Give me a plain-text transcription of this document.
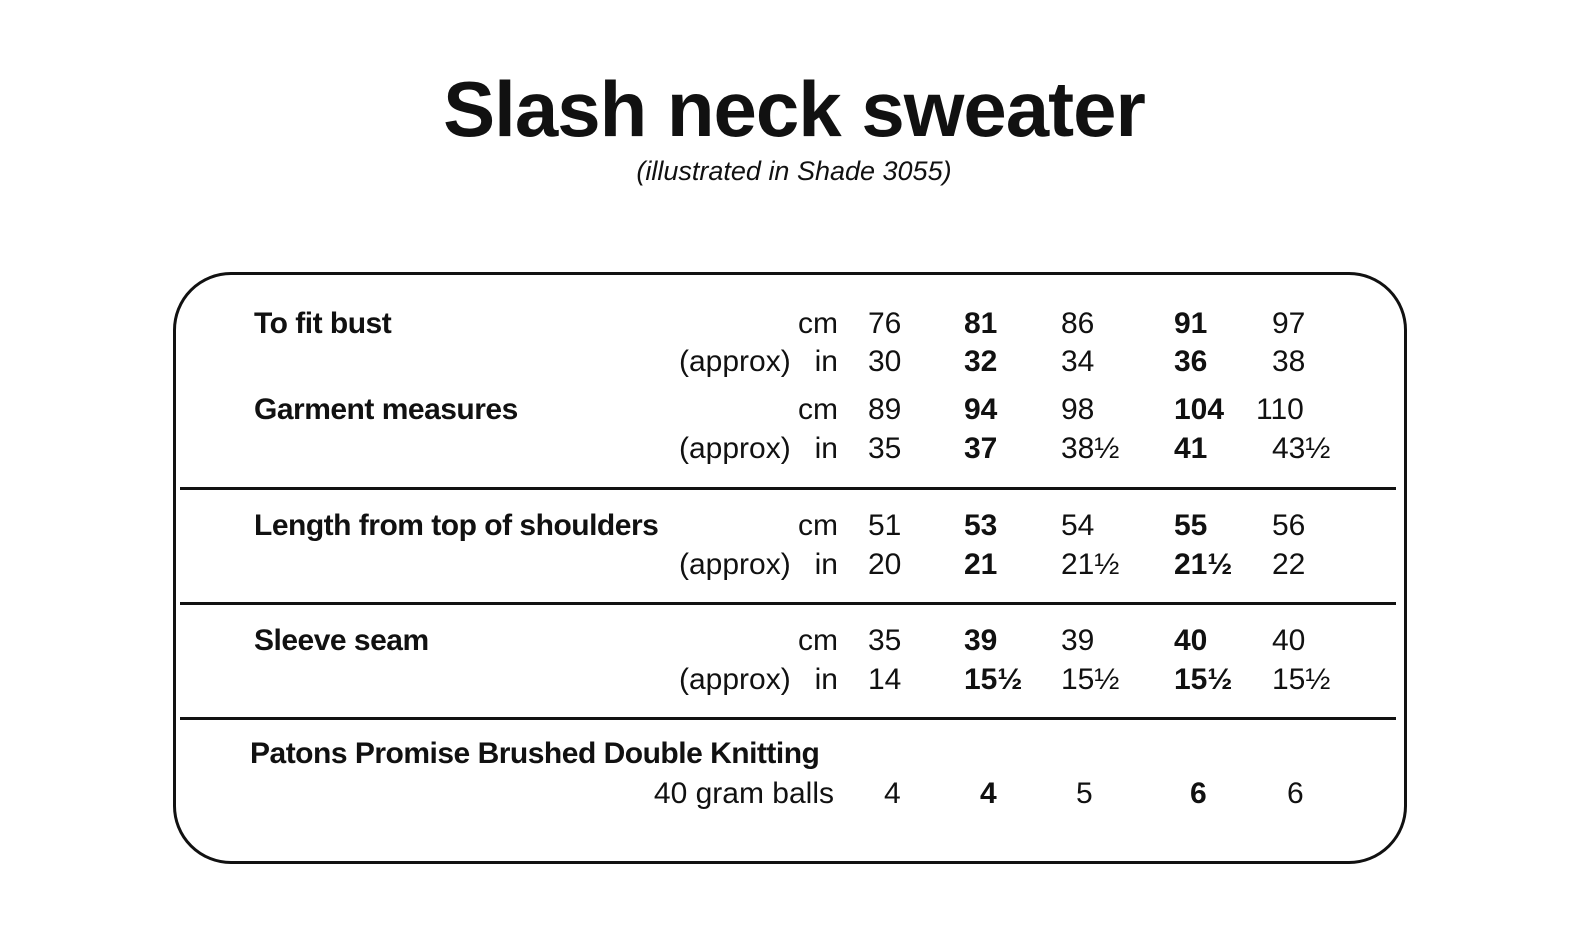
Slash neck sweater
(illustrated in Shade 3055)
To fit bust	cm 76 81 86	91 97
(approx) in 30 32 34	36 38
Garment measures	cm 89 94 98	104 110
(approx) in 35 37 38½ 41 43½
Length from top of shoulders	cm 51 53 54	55 56
(approx) in 20 21 21½ 21½ 22
Sleeve seam	cm 35 39 39	40 40
(approx) in 14 15½ 15½ 15½ 15½
Patons Promise Brushed Double Knitting
40 gram balls 4	4	5	6	6
